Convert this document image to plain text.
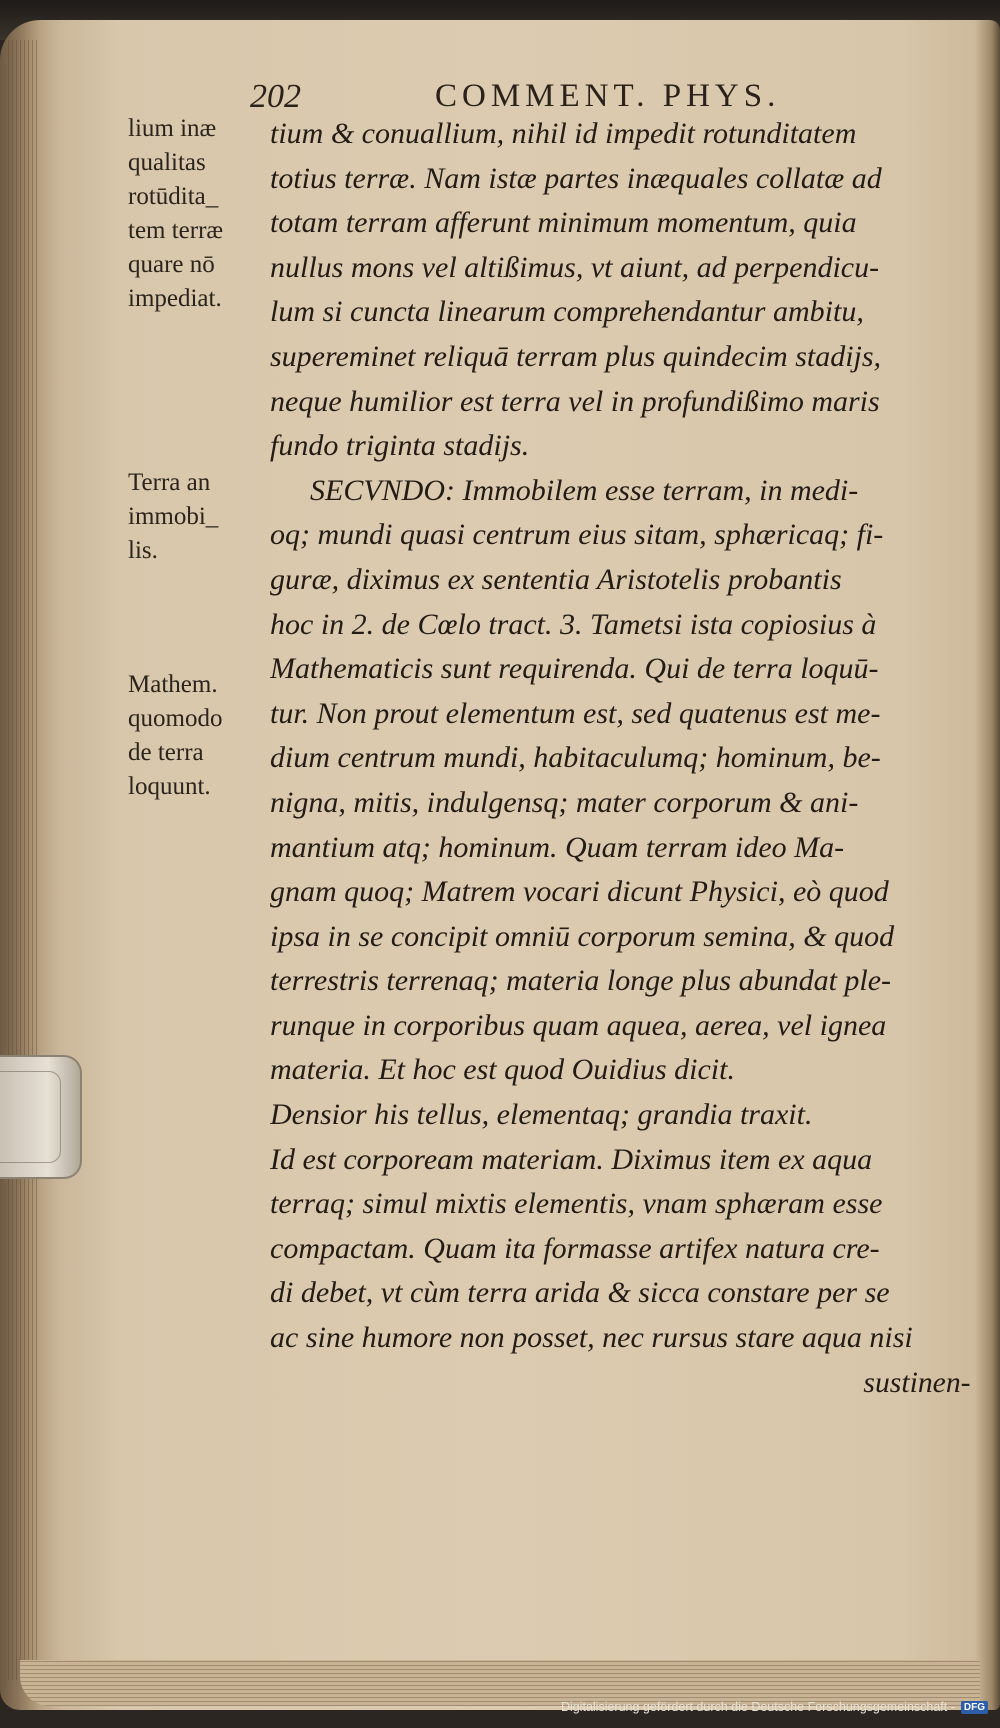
202	COMMENT. PHYS.
lium inæ
qualitas
rotūdita_
tem terræ
quare nō
impediat.
Terra an
immobi_
lis.
Mathem.
quomodo
de terra
loquunt.
tium & conuallium, nihil id impedit rotunditatem
totius terræ. Nam istæ partes inæquales collatæ ad
totam terram afferunt minimum momentum, quia
nullus mons vel altißimus, vt aiunt, ad perpendicu-
lum si cuncta linearum comprehendantur ambitu,
supereminet reliquā terram plus quindecim stadijs,
neque humilior est terra vel in profundißimo maris
fundo triginta stadijs.
SECVNDO: Immobilem esse terram, in medi-
oq; mundi quasi centrum eius sitam, sphæricaq; fi-
guræ, diximus ex sententia Aristotelis probantis
hoc in 2. de Cœlo tract. 3. Tametsi ista copiosius à
Mathematicis sunt requirenda. Qui de terra loquū-
tur. Non prout elementum est, sed quatenus est me-
dium centrum mundi, habitaculumq; hominum, be-
nigna, mitis, indulgensq; mater corporum & ani-
mantium atq; hominum. Quam terram ideo Ma-
gnam quoq; Matrem vocari dicunt Physici, eò quod
ipsa in se concipit omniū corporum semina, & quod
terrestris terrenaq; materia longe plus abundat ple-
runque in corporibus quam aquea, aerea, vel ignea
materia. Et hoc est quod Ouidius dicit.
Densior his tellus, elementaq; grandia traxit.
Id est corpoream materiam. Diximus item ex aqua
terraq; simul mixtis elementis, vnam sphæram esse
compactam. Quam ita formasse artifex natura cre-
di debet, vt cùm terra arida & sicca constare per se
ac sine humore non posset, nec rursus stare aqua nisi
sustinen-
Digitalisierung gefördert durch die Deutsche Forschungsgemeinschaft - DFG
